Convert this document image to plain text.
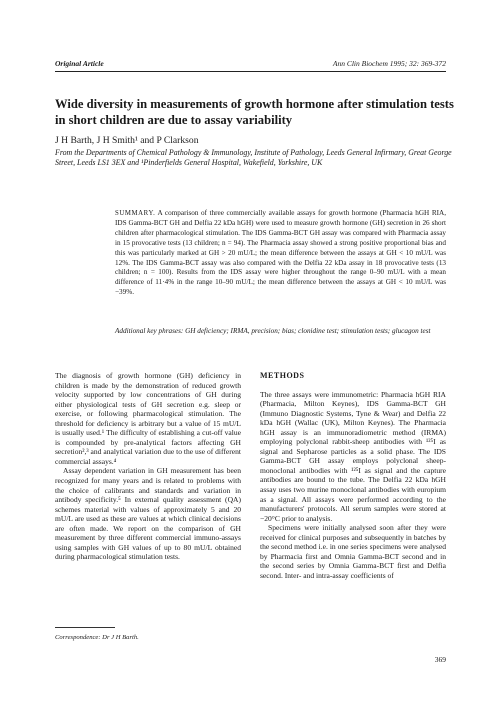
Original Article	Ann Clin Biochem 1995; 32: 369-372
Wide diversity in measurements of growth hormone after stimulation tests in short children are due to assay variability
J H Barth, J H Smith¹ and P Clarkson
From the Departments of Chemical Pathology & Immunology, Institute of Pathology, Leeds General Infirmary, Great George Street, Leeds LS1 3EX and ¹Pinderfields General Hospital, Wakefield, Yorkshire, UK
SUMMARY. A comparison of three commercially available assays for growth hormone (Pharmacia hGH RIA, IDS Gamma-BCT GH and Delfia 22 kDa hGH) were used to measure growth hormone (GH) secretion in 26 short children after pharmacological stimulation. The IDS Gamma-BCT GH assay was compared with Pharmacia assay in 15 provocative tests (13 children; n = 94). The Pharmacia assay showed a strong positive proportional bias and this was particularly marked at GH > 20 mU/L; the mean difference between the assays at GH < 10 mU/L was 12%. The IDS Gamma-BCT assay was also compared with the Delfia 22 kDa assay in 18 provocative tests (13 children; n = 100). Results from the IDS assay were higher throughout the range 0–90 mU/L with a mean difference of 11·4% in the range 10–90 mU/L; the mean difference between the assays at GH < 10 mU/L was −39%.
Additional key phrases: GH deficiency; IRMA, precision; bias; clonidine test; stimulation tests; glucagon test

The diagnosis of growth hormone (GH) deficiency in children is made by the demonstration of reduced growth velocity supported by low concentrations of GH during either physiological tests of GH secretion e.g. sleep or exercise, or following pharmacological stimulation. The threshold for deficiency is arbitrary but a value of 15 mU/L is usually used.¹ The difficulty of establishing a cut-off value is compounded by pre-analytical factors affecting GH secretion²,³ and analytical variation due to the use of different commercial assays.⁴

Assay dependent variation in GH measurement has been recognized for many years and is related to problems with the choice of calibrants and standards and variation in antibody specificity.⁵ In external quality assessment (QA) schemes material with values of approximately 5 and 20 mU/L are used as these are values at which clinical decisions are often made. We report on the comparison of GH measurement by three different commercial immuno-assays using samples with GH values of up to 80 mU/L obtained during pharmacological stimulation tests.

METHODS

The three assays were immunometric: Pharmacia hGH RIA (Pharmacia, Milton Keynes), IDS Gamma-BCT GH (Immuno Diagnostic Systems, Tyne & Wear) and Delfia 22 kDa hGH (Wallac (UK), Milton Keynes). The Pharmacia hGH assay is an immunoradiometric method (IRMA) employing polyclonal rabbit-sheep antibodies with ¹²⁵I as signal and Sepharose particles as a solid phase. The IDS Gamma-BCT GH assay employs polyclonal sheep-monoclonal antibodies with ¹²⁵I as signal and the capture antibodies are bound to the tube. The Delfia 22 kDa hGH assay uses two murine monoclonal antibodies with europium as a signal. All assays were performed according to the manufacturers' protocols. All serum samples were stored at −20°C prior to analysis.

Specimens were initially analysed soon after they were received for clinical purposes and subsequently in batches by the second method i.e. in one series specimens were analysed by Pharmacia first and Omnia Gamma-BCT second and in the second series by Omnia Gamma-BCT first and Delfia second. Inter- and intra-assay coefficients of

Correspondence: Dr J H Barth.
369
